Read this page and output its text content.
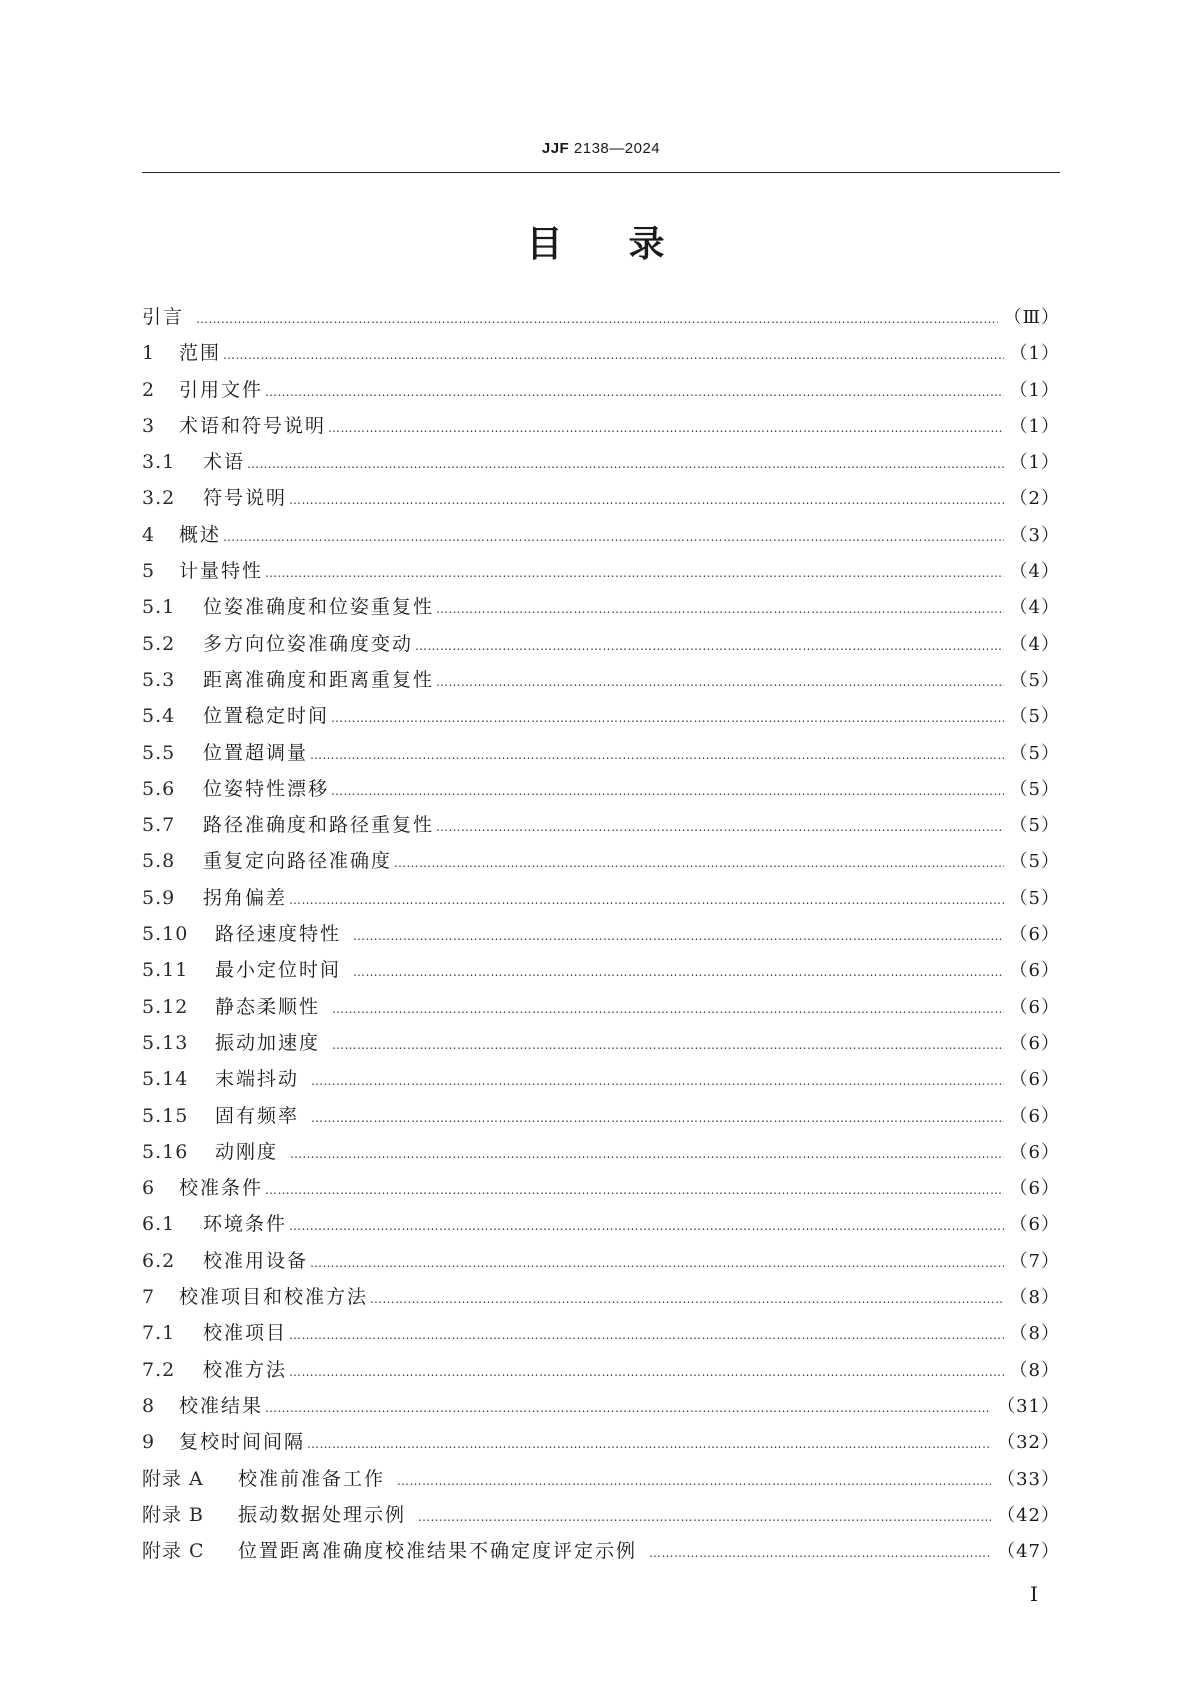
JJF 2138—2024
目录
引言 ………………………………………………………………………………………………………………………………………………………………………………………………………………………………………………	（Ⅲ）
1	范围 ………………………………………………………………………………………………………………………………………………………………………………………………………………………………………………	（1）
2	引用文件 ………………………………………………………………………………………………………………………………………………………………………………………………………………………………………………	（1）
3	术语和符号说明 ………………………………………………………………………………………………………………………………………………………………………………………………………………………………………………	（1）
3.1	术语 ………………………………………………………………………………………………………………………………………………………………………………………………………………………………………………	（1）
3.2	符号说明 ………………………………………………………………………………………………………………………………………………………………………………………………………………………………………………	（2）
4	概述 ………………………………………………………………………………………………………………………………………………………………………………………………………………………………………………	（3）
5	计量特性 ………………………………………………………………………………………………………………………………………………………………………………………………………………………………………………	（4）
5.1	位姿准确度和位姿重复性 ………………………………………………………………………………………………………………………………………………………………………………………………………………………………………………	（4）
5.2	多方向位姿准确度变动 ………………………………………………………………………………………………………………………………………………………………………………………………………………………………………………	（4）
5.3	距离准确度和距离重复性 ………………………………………………………………………………………………………………………………………………………………………………………………………………………………………………	（5）
5.4	位置稳定时间 ………………………………………………………………………………………………………………………………………………………………………………………………………………………………………………	（5）
5.5	位置超调量 ………………………………………………………………………………………………………………………………………………………………………………………………………………………………………………	（5）
5.6	位姿特性漂移 ………………………………………………………………………………………………………………………………………………………………………………………………………………………………………………	（5）
5.7	路径准确度和路径重复性 ………………………………………………………………………………………………………………………………………………………………………………………………………………………………………………	（5）
5.8	重复定向路径准确度 ………………………………………………………………………………………………………………………………………………………………………………………………………………………………………………	（5）
5.9	拐角偏差 ………………………………………………………………………………………………………………………………………………………………………………………………………………………………………………	（5）
5.10	路径速度特性 ………………………………………………………………………………………………………………………………………………………………………………………………………………………………………………	（6）
5.11	最小定位时间 ………………………………………………………………………………………………………………………………………………………………………………………………………………………………………………	（6）
5.12	静态柔顺性 ………………………………………………………………………………………………………………………………………………………………………………………………………………………………………………	（6）
5.13	振动加速度 ………………………………………………………………………………………………………………………………………………………………………………………………………………………………………………	（6）
5.14	末端抖动 ………………………………………………………………………………………………………………………………………………………………………………………………………………………………………………	（6）
5.15	固有频率 ………………………………………………………………………………………………………………………………………………………………………………………………………………………………………………	（6）
5.16	动刚度 ………………………………………………………………………………………………………………………………………………………………………………………………………………………………………………	（6）
6	校准条件 ………………………………………………………………………………………………………………………………………………………………………………………………………………………………………………	（6）
6.1	环境条件 ………………………………………………………………………………………………………………………………………………………………………………………………………………………………………………	（6）
6.2	校准用设备 ………………………………………………………………………………………………………………………………………………………………………………………………………………………………………………	（7）
7	校准项目和校准方法 ………………………………………………………………………………………………………………………………………………………………………………………………………………………………………………	（8）
7.1	校准项目 ………………………………………………………………………………………………………………………………………………………………………………………………………………………………………………	（8）
7.2	校准方法 ………………………………………………………………………………………………………………………………………………………………………………………………………………………………………………	（8）
8	校准结果 ………………………………………………………………………………………………………………………………………………………………………………………………………………………………………………	（31）
9	复校时间间隔 ………………………………………………………………………………………………………………………………………………………………………………………………………………………………………………	（32）
附录 A	校准前准备工作 ………………………………………………………………………………………………………………………………………………………………………………………………………………………………………………	（33）
附录 B	振动数据处理示例 ………………………………………………………………………………………………………………………………………………………………………………………………………………………………………………	（42）
附录 C	位置距离准确度校准结果不确定度评定示例 ………………………………………………………………………………………………………………………………………………………………………………………………………………………………………………	（47）
Ⅰ
